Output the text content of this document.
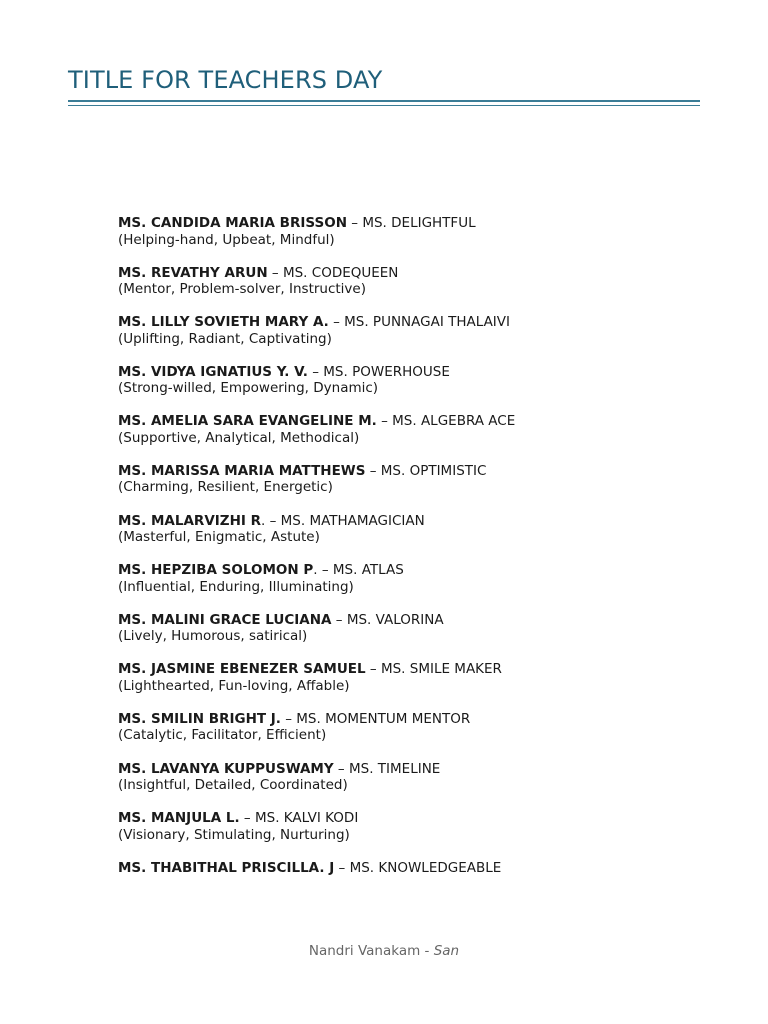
TITLE FOR TEACHERS DAY
MS. CANDIDA MARIA BRISSON – MS. DELIGHTFUL
(Helping-hand, Upbeat, Mindful)
MS. REVATHY ARUN – MS. CODEQUEEN
(Mentor, Problem-solver, Instructive)
MS. LILLY SOVIETH MARY A. – MS. PUNNAGAI THALAIVI
(Uplifting, Radiant, Captivating)
MS. VIDYA IGNATIUS Y. V. – MS. POWERHOUSE
(Strong-willed, Empowering, Dynamic)
MS. AMELIA SARA EVANGELINE M. – MS. ALGEBRA ACE
(Supportive, Analytical, Methodical)
MS. MARISSA MARIA MATTHEWS – MS. OPTIMISTIC
(Charming, Resilient, Energetic)
MS. MALARVIZHI R. – MS. MATHAMAGICIAN
(Masterful, Enigmatic, Astute)
MS. HEPZIBA SOLOMON P. – MS. ATLAS
(Influential, Enduring, Illuminating)
MS. MALINI GRACE LUCIANA – MS. VALORINA
(Lively, Humorous, satirical)
MS. JASMINE EBENEZER SAMUEL – MS. SMILE MAKER
(Lighthearted, Fun-loving, Affable)
MS. SMILIN BRIGHT J. – MS. MOMENTUM MENTOR
(Catalytic, Facilitator, Efficient)
MS. LAVANYA KUPPUSWAMY – MS. TIMELINE
(Insightful, Detailed, Coordinated)
MS. MANJULA L. – MS. KALVI KODI
(Visionary, Stimulating, Nurturing)
MS. THABITHAL PRISCILLA. J – MS. KNOWLEDGEABLE
Nandri Vanakam - San
